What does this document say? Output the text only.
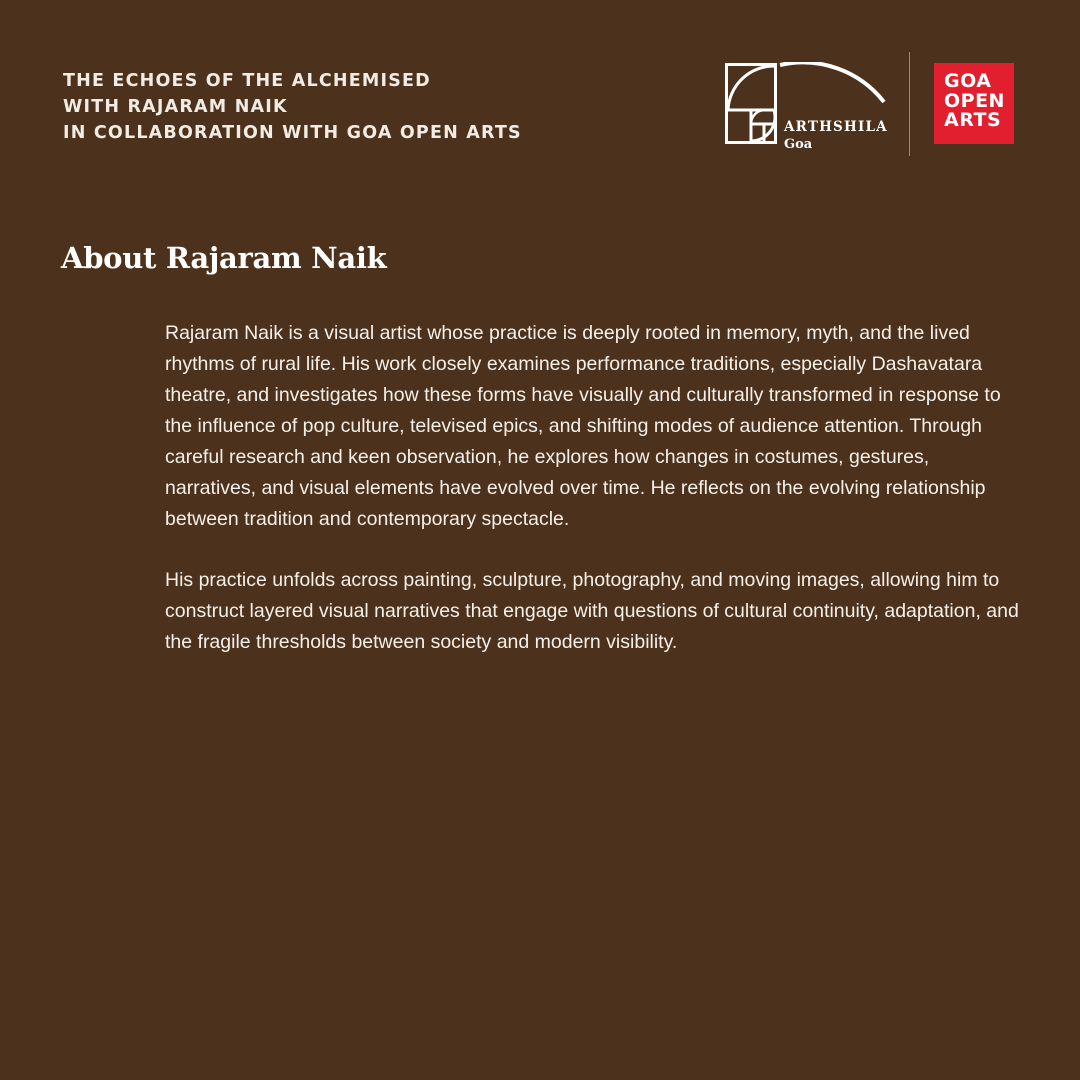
THE ECHOES OF THE ALCHEMISED
WITH RAJARAM NAIK
IN COLLABORATION WITH GOA OPEN ARTS	ARTHSHILA
Goa
GOA
OPEN
ARTS
About Rajaram Naik

Rajaram Naik is a visual artist whose practice is deeply rooted in memory, myth, and the lived rhythms of rural life. His work closely examines performance traditions, especially Dashavatara theatre, and investigates how these forms have visually and culturally transformed in response to the influence of pop culture, televised epics, and shifting modes of audience attention. Through careful research and keen observation, he explores how changes in costumes, gestures, narratives, and visual elements have evolved over time. He reflects on the evolving relationship between tradition and contemporary spectacle.

His practice unfolds across painting, sculpture, photography, and moving images, allowing him to construct layered visual narratives that engage with questions of cultural continuity, adaptation, and the fragile thresholds between society and modern visibility.
